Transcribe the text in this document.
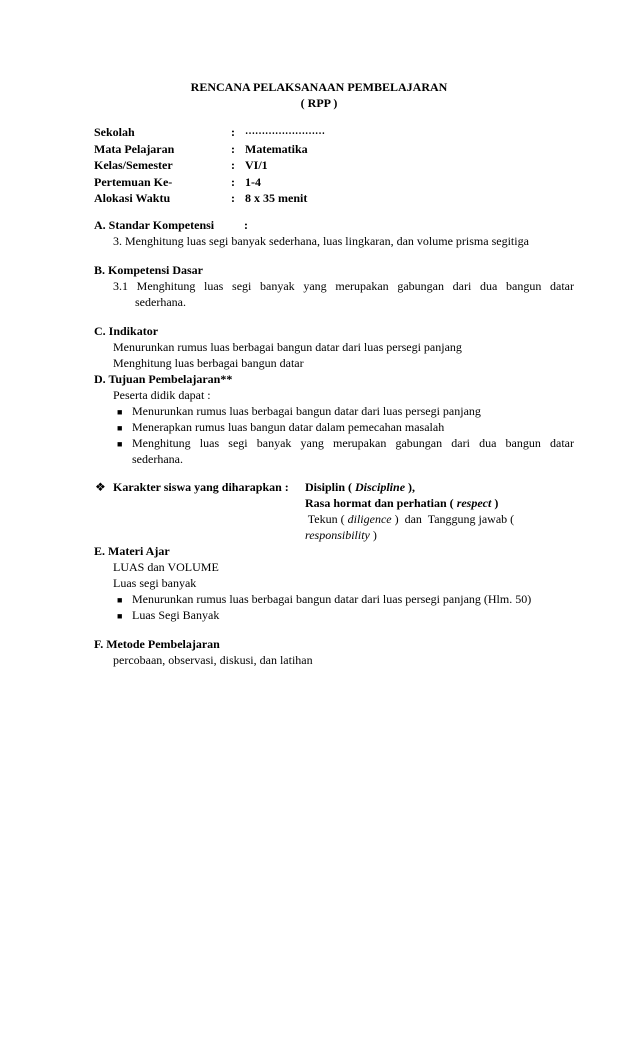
RENCANA PELAKSANAAN PEMBELAJARAN
( RPP )
Sekolah	: ……………………
Mata Pelajaran	: Matematika
Kelas/Semester	: VI/1
Pertemuan Ke-	: 1-4
Alokasi Waktu	: 8 x 35 menit
A. Standar Kompetensi :
3. Menghitung luas segi banyak sederhana, luas lingkaran, dan volume prisma segitiga
B. Kompetensi Dasar
3.1 Menghitung luas segi banyak yang merupakan gabungan dari dua bangun datar
sederhana.
C. Indikator
Menurunkan rumus luas berbagai bangun datar dari luas persegi panjang
Menghitung luas berbagai bangun datar
D. Tujuan Pembelajaran**
Peserta didik dapat :
■ Menurunkan rumus luas berbagai bangun datar dari luas persegi panjang
■ Menerapkan rumus luas bangun datar dalam pemecahan masalah
■ Menghitung luas segi banyak yang merupakan gabungan dari dua bangun datar
sederhana.
❖ Karakter siswa yang diharapkan : Disiplin ( Discipline ),
Rasa hormat dan perhatian ( respect )
Tekun ( diligence )  dan  Tanggung jawab (
responsibility )
E. Materi Ajar
LUAS dan VOLUME
Luas segi banyak
■ Menurunkan rumus luas berbagai bangun datar dari luas persegi panjang (Hlm. 50)
■ Luas Segi Banyak
F. Metode Pembelajaran
percobaan, observasi, diskusi, dan latihan
